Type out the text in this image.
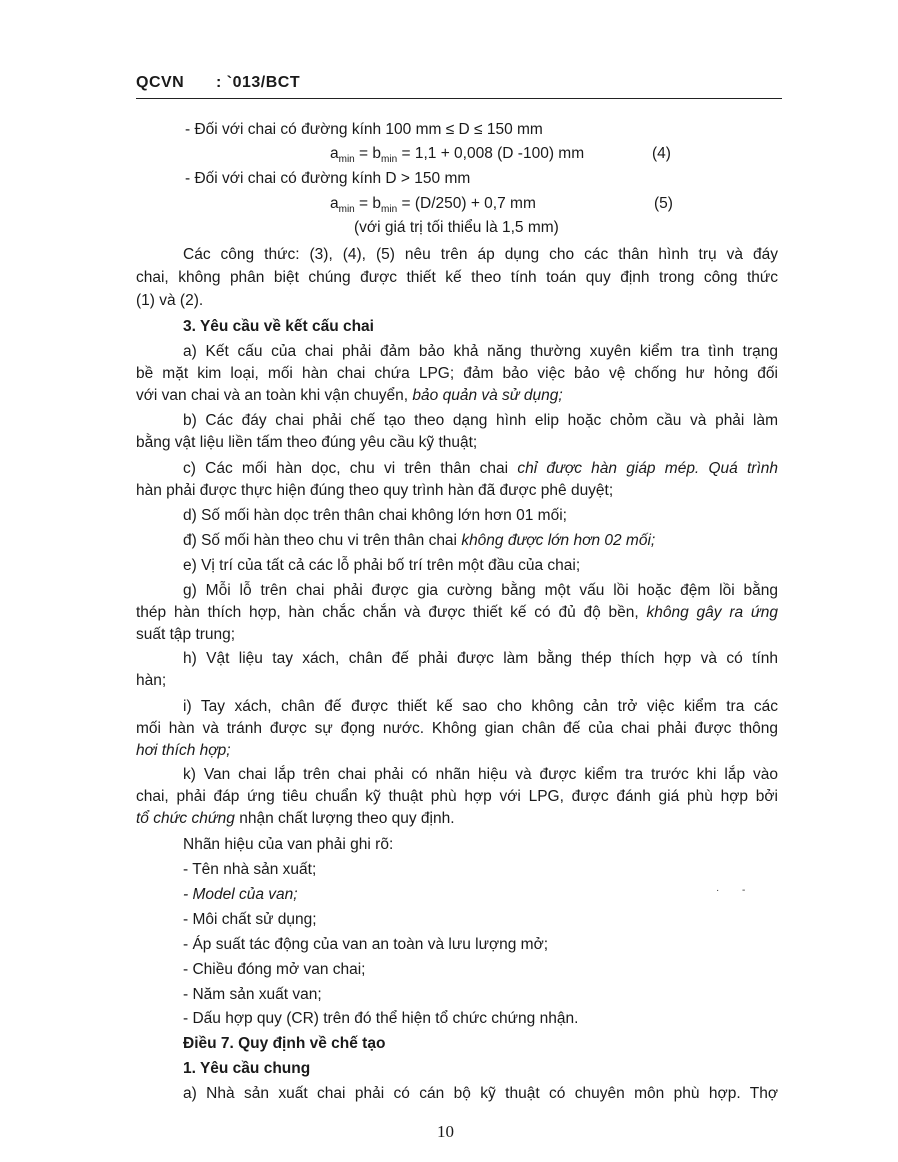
QCVN : `013/BCT
- Đối với chai có đường kính 100 mm ≤ D ≤ 150 mm
$a_{min} = b_{min} = 1,1 + 0,008$ (D -100) mm	(4)
- Đối với chai có đường kính D > 150 mm
$a_{min} = b_{min} = (D/250) + 0,7$ mm	(5)
(với giá trị tối thiểu là 1,5 mm)
Các công thức: (3), (4), (5) nêu trên áp dụng cho các thân hình trụ và đáy
chai, không phân biệt chúng được thiết kế theo tính toán quy định trong công thức
(1) và (2).
3. Yêu cầu về kết cấu chai
a) Kết cấu của chai phải đảm bảo khả năng thường xuyên kiểm tra tình trạng
bề mặt kim loại, mối hàn chai chứa LPG; đảm bảo việc bảo vệ chống hư hỏng đối
với van chai và an toàn khi vận chuyển, bảo quản và sử dụng;
b) Các đáy chai phải chế tạo theo dạng hình elip hoặc chỏm cầu và phải làm
bằng vật liệu liền tấm theo đúng yêu cầu kỹ thuật;
c) Các mối hàn dọc, chu vi trên thân chai chỉ được hàn giáp mép. Quá trình
hàn phải được thực hiện đúng theo quy trình hàn đã được phê duyệt;
d) Số mối hàn dọc trên thân chai không lớn hơn 01 mối;
đ) Số mối hàn theo chu vi trên thân chai không được lớn hơn 02 mối;
e) Vị trí của tất cả các lỗ phải bố trí trên một đầu của chai;
g) Mỗi lỗ trên chai phải được gia cường bằng một vấu lồi hoặc đệm lồi bằng
thép hàn thích hợp, hàn chắc chắn và được thiết kế có đủ độ bền, không gây ra ứng
suất tập trung;
h) Vật liệu tay xách, chân đế phải được làm bằng thép thích hợp và có tính
hàn;
i) Tay xách, chân đế được thiết kế sao cho không cản trở việc kiểm tra các
mối hàn và tránh được sự đọng nước. Không gian chân đế của chai phải được thông
hơi thích hợp;
k) Van chai lắp trên chai phải có nhãn hiệu và được kiểm tra trước khi lắp vào
chai, phải đáp ứng tiêu chuẩn kỹ thuật phù hợp với LPG, được đánh giá phù hợp bởi
tổ chức chứng nhận chất lượng theo quy định.
Nhãn hiệu của van phải ghi rõ:
- Tên nhà sản xuất;
- Model của van;
- Môi chất sử dụng;
- Áp suất tác động của van an toàn và lưu lượng mở;
- Chiều đóng mở van chai;
- Năm sản xuất van;
- Dấu hợp quy (CR) trên đó thể hiện tổ chức chứng nhận.
Điều 7. Quy định về chế tạo
1. Yêu cầu chung
a) Nhà sản xuất chai phải có cán bộ kỹ thuật có chuyên môn phù hợp. Thợ
· -
10
